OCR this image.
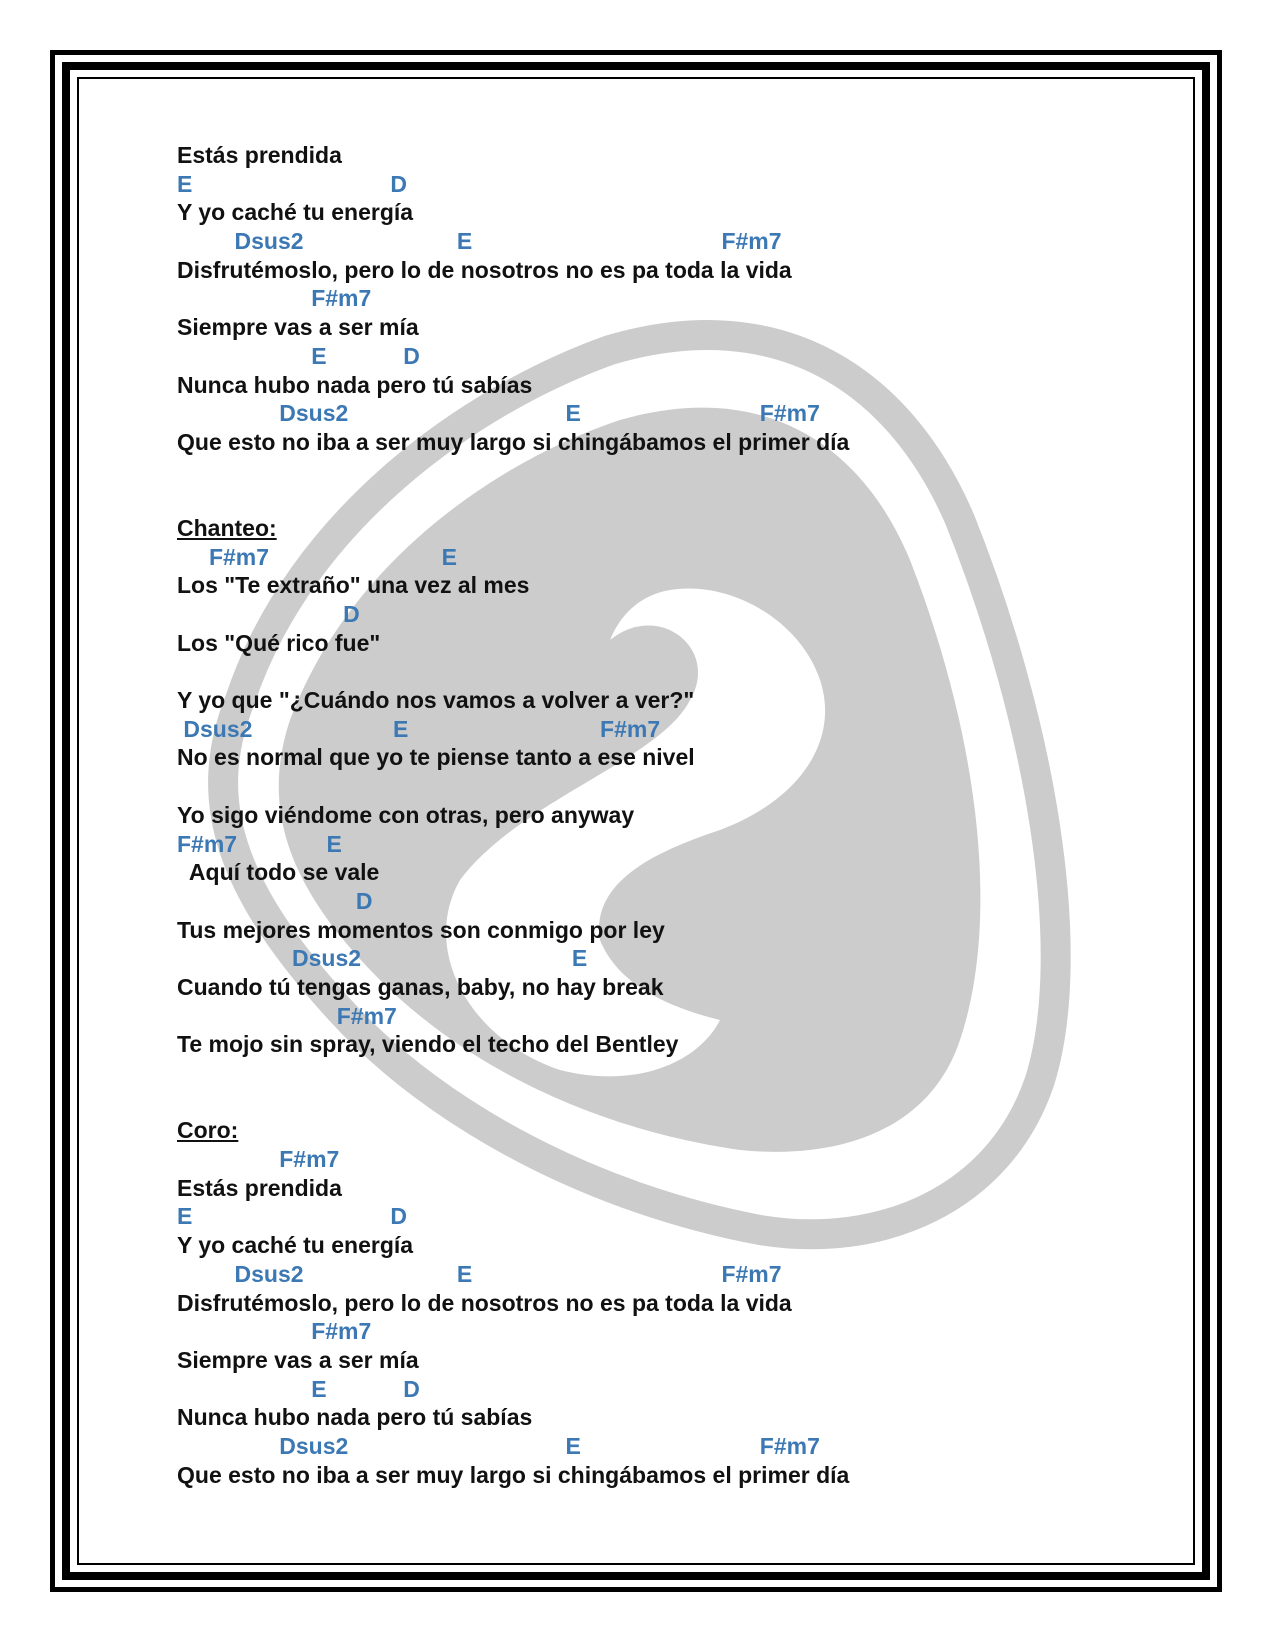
Estás prendida
E                               D
Y yo caché tu energía
Dsus2                        E                                       F#m7
Disfrutémoslo, pero lo de nosotros no es pa toda la vida
F#m7
Siempre vas a ser mía
E            D
Nunca hubo nada pero tú sabías
Dsus2                                  E                            F#m7
Que esto no iba a ser muy largo si chingábamos el primer día
Chanteo:
F#m7                           E
Los "Te extraño" una vez al mes
D
Los "Qué rico fue"
Y yo que "¿Cuándo nos vamos a volver a ver?"
Dsus2                      E                              F#m7
No es normal que yo te piense tanto a ese nivel
Yo sigo viéndome con otras, pero anyway
F#m7              E
Aquí todo se vale
D
Tus mejores momentos son conmigo por ley
Dsus2                                 E
Cuando tú tengas ganas, baby, no hay break
F#m7
Te mojo sin spray, viendo el techo del Bentley
Coro:
F#m7
Estás prendida
E                               D
Y yo caché tu energía
Dsus2                        E                                       F#m7
Disfrutémoslo, pero lo de nosotros no es pa toda la vida
F#m7
Siempre vas a ser mía
E            D
Nunca hubo nada pero tú sabías
Dsus2                                  E                            F#m7
Que esto no iba a ser muy largo si chingábamos el primer día
